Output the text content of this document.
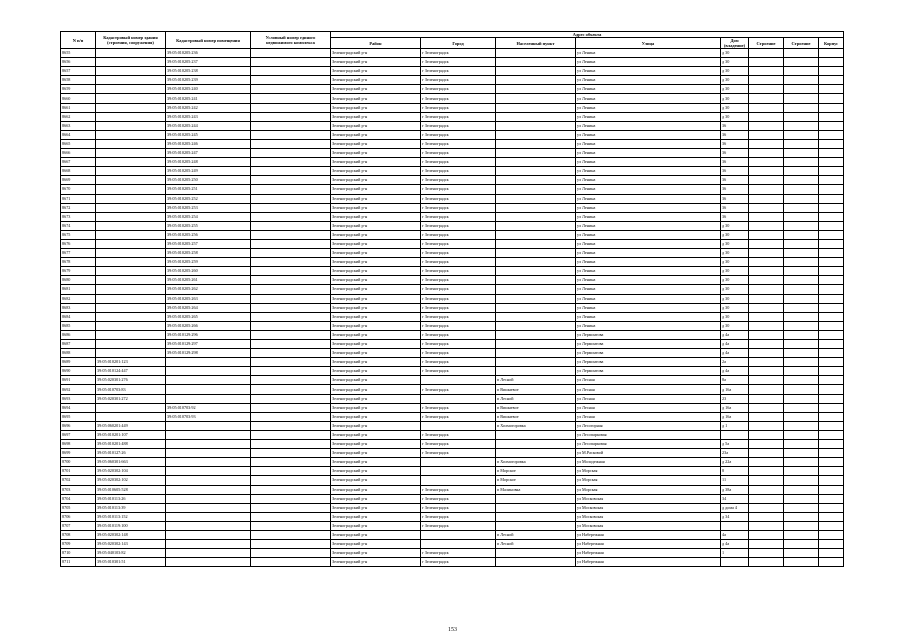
N п/п	Кадастровый номер здания (строения, сооружения)	Кадастровый номер помещения	Условный номер единого недвижимого комплекса	Адрес объекта							
				Район	Город	Населенный пункт	Улица	Дом (владение)	Строение	Строение	Корпус
8655		39:05:010205:236		Зеленоградский р-н	г Зеленоградск		ул Ленина	д 30			
8656		39:05:010205:237		Зеленоградский р-н	г Зеленоградск		ул Ленина	д 30			
8657		39:05:010205:238		Зеленоградский р-н	г Зеленоградск		ул Ленина	д 30			
8658		39:05:010205:239		Зеленоградский р-н	г Зеленоградск		ул Ленина	д 30			
8659		39:05:010205:240		Зеленоградский р-н	г Зеленоградск		ул Ленина	д 30			
8660		39:05:010205:241		Зеленоградский р-н	г Зеленоградск		ул Ленина	д 30			
8661		39:05:010205:242		Зеленоградский р-н	г Зеленоградск		ул Ленина	д 30			
8662		39:05:010205:243		Зеленоградский р-н	г Зеленоградск		ул Ленина	д 30			
8663		39:05:010205:244		Зеленоградский р-н	г Зеленоградск		ул Ленина	36			
8664		39:05:010205:245		Зеленоградский р-н	г Зеленоградск		ул Ленина	36			
8665		39:05:010205:246		Зеленоградский р-н	г Зеленоградск		ул Ленина	36			
8666		39:05:010205:247		Зеленоградский р-н	г Зеленоградск		ул Ленина	36			
8667		39:05:010205:248		Зеленоградский р-н	г Зеленоградск		ул Ленина	36			
8668		39:05:010205:249		Зеленоградский р-н	г Зеленоградск		ул Ленина	36			
8669		39:05:010205:250		Зеленоградский р-н	г Зеленоградск		ул Ленина	36			
8670		39:05:010205:251		Зеленоградский р-н	г Зеленоградск		ул Ленина	36			
8671		39:05:010205:252		Зеленоградский р-н	г Зеленоградск		ул Ленина	36			
8672		39:05:010205:253		Зеленоградский р-н	г Зеленоградск		ул Ленина	36			
8673		39:05:010205:254		Зеленоградский р-н	г Зеленоградск		ул Ленина	36			
8674		39:05:010205:255		Зеленоградский р-н	г Зеленоградск		ул Ленина	д 30			
8675		39:05:010205:256		Зеленоградский р-н	г Зеленоградск		ул Ленина	д 30			
8676		39:05:010205:257		Зеленоградский р-н	г Зеленоградск		ул Ленина	д 30			
8677		39:05:010205:258		Зеленоградский р-н	г Зеленоградск		ул Ленина	д 30			
8678		39:05:010205:259		Зеленоградский р-н	г Зеленоградск		ул Ленина	д 30			
8679		39:05:010205:260		Зеленоградский р-н	г Зеленоградск		ул Ленина	д 30			
8680		39:05:010205:261		Зеленоградский р-н	г Зеленоградск		ул Ленина	д 30			
8681		39:05:010205:262		Зеленоградский р-н	г Зеленоградск		ул Ленина	д 30			
8682		39:05:010205:263		Зеленоградский р-н	г Зеленоградск		ул Ленина	д 30			
8683		39:05:010205:264		Зеленоградский р-н	г Зеленоградск		ул Ленина	д 30			
8684		39:05:010205:265		Зеленоградский р-н	г Зеленоградск		ул Ленина	д 30			
8685		39:05:010205:266		Зеленоградский р-н	г Зеленоградск		ул Ленина	д 30			
8686		39:05:010129:296		Зеленоградский р-н	г Зеленоградск		ул Лермонтова	д 4а			
8687		39:05:010129:297		Зеленоградский р-н	г Зеленоградск		ул Лермонтова	д 4а			
8688		39:05:010129:298		Зеленоградский р-н	г Зеленоградск		ул Лермонтова	д 4а			
8689	39:05:010201:123			Зеленоградский р-н	г Зеленоградск		ул Лермонтова	2а			
8690	39:05:010124:447			Зеленоградский р-н	г Зеленоградск		ул Лермонтова	д 4а			
8691	39:05:020301:276			Зеленоградский р-н		п Лесной	ул Лесная	8а			
8692	39:05:010703:83			Зеленоградский р-н	г Зеленоградск	п Вишневое	ул Лесная	д 16а			
8693	39:05:020301:272			Зеленоградский р-н		п Лесной	ул Лесная	23			
8694		39:05:010703:92		Зеленоградский р-н	г Зеленоградск	п Вишневое	ул Лесная	д 16а			
8695		39:05:010703:93		Зеленоградский р-н	г Зеленоградск	п Вишневое	ул Лесная	д 16а			
8696	39:05:060201:449			Зеленоградский р-н		п Холмогоровка	ул Лесогорная	д 1			
8697	39:05:010201:107			Зеленоградский р-н	г Зеленоградск		ул Лесопарковая				
8698	39:05:010201:488			Зеленоградский р-н	г Зеленоградск		ул Лесопарковая	д 5а			
8699	39:05:010127:26			Зеленоградский р-н	г Зеленоградск		ул М.Расковой	23а			
8700	39:05:060301:663			Зеленоградский р-н		п Холмогоровка	ул Молодежная	д 22а			
8701	39:05:020302:104			Зеленоградский р-н		п Морское	ул Морская	8			
8702	39:05:020302:102			Зеленоградский р-н		п Морское	ул Морская	11			
8703	39:05:010605:528			Зеленоградский р-н	г Зеленоградск	п Малиновка	ул Морская	д 38а			
8704	39:05:010113:26			Зеленоградский р-н	г Зеленоградск		ул Московская	34			
8705	39:05:010113:39			Зеленоградский р-н	г Зеленоградск		ул Московская	д дома 4			
8706	39:05:010113:152			Зеленоградский р-н	г Зеленоградск		ул Московская	д 34			
8707	39:05:010119:100			Зеленоградский р-н	г Зеленоградск		ул Московская				
8708	39:05:020302:148			Зеленоградский р-н		п Лесной	ул Набережная	4а			
8709	39:05:020302:143			Зеленоградский р-н		п Лесной	ул Набережная	д 4а			
8710	39:05:040103:82			Зеленоградский р-н	г Зеленоградск		ул Набережная	1			
8711	39:05:010301:51			Зеленоградский р-н	г Зеленоградск		ул Набережная				
153
